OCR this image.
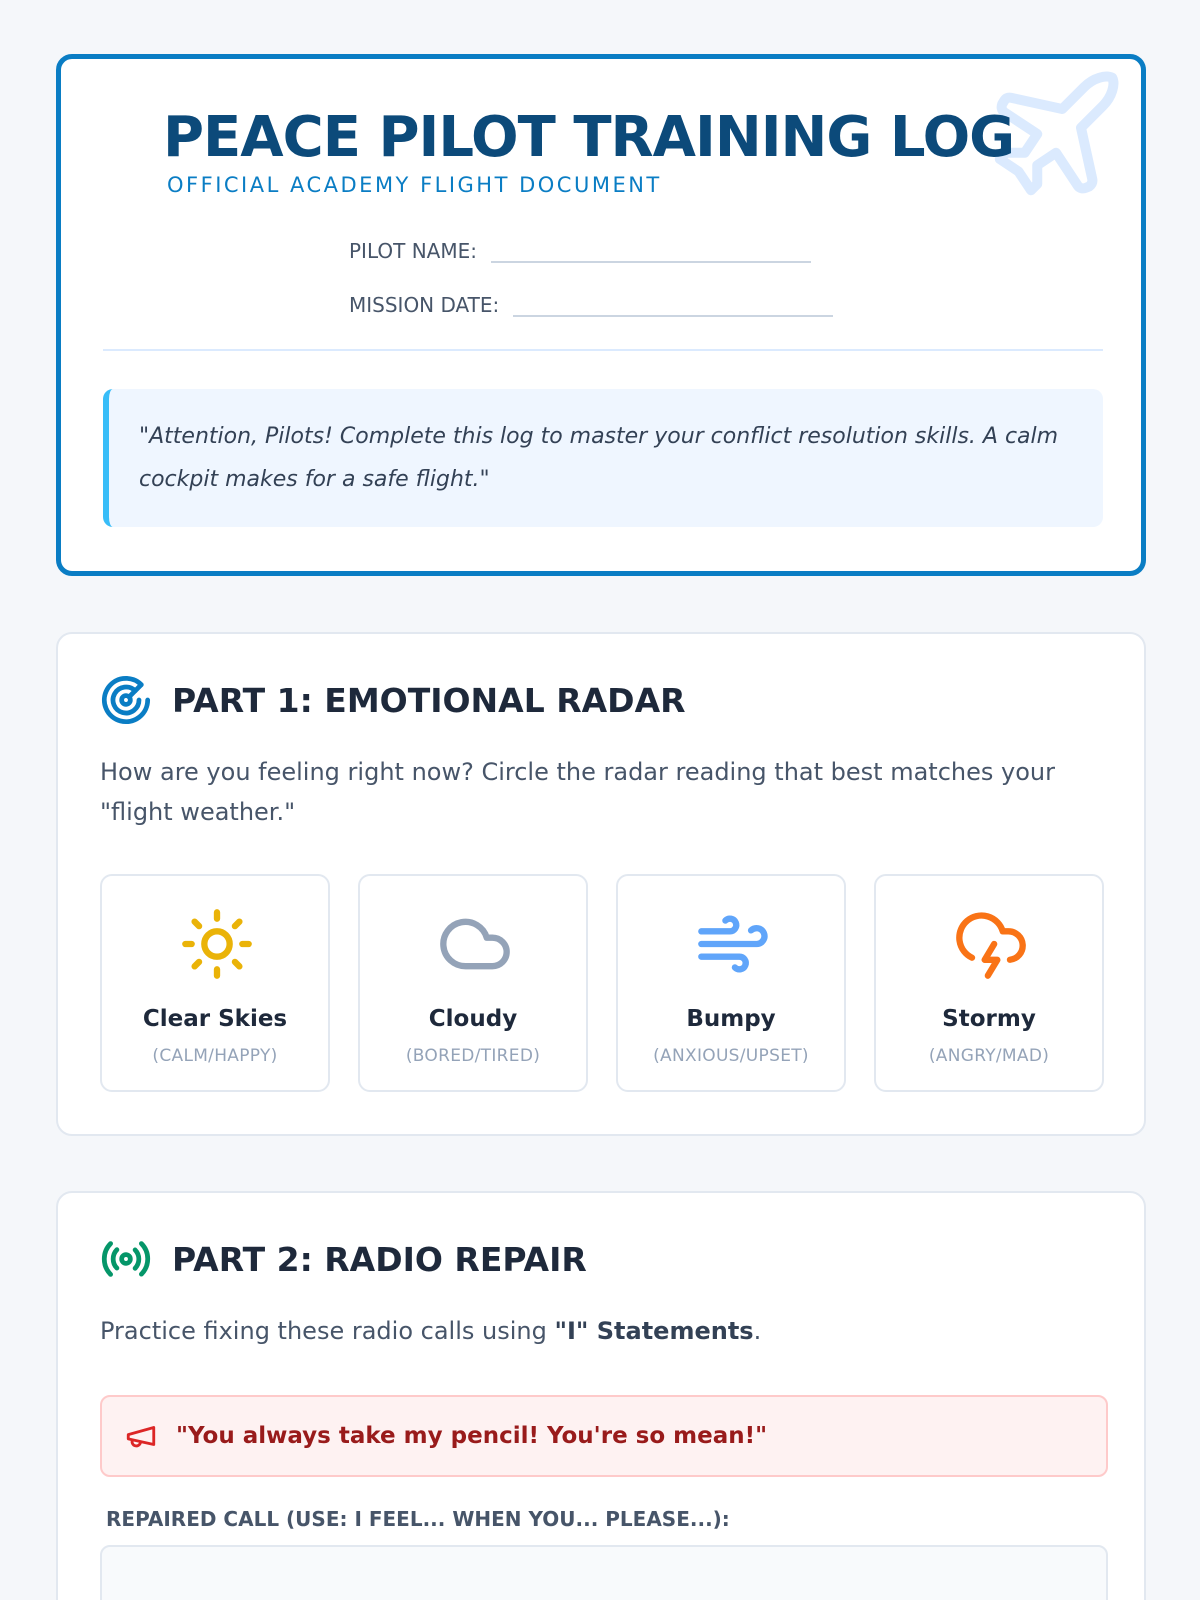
PEACE PILOT TRAINING LOG
OFFICIAL ACADEMY FLIGHT DOCUMENT
PILOT NAME:
MISSION DATE:
"Attention, Pilots! Complete this log to master your conflict resolution skills. A calm cockpit makes for a safe flight."
PART 1: EMOTIONAL RADAR

How are you feeling right now? Circle the radar reading that best matches your "flight weather."

Clear Skies
(CALM/HAPPY)
Cloudy
(BORED/TIRED)
Bumpy
(ANXIOUS/UPSET)
Stormy
(ANGRY/MAD)
PART 2: RADIO REPAIR

Practice fixing these radio calls using "I" Statements.

"You always take my pencil! You're so mean!"
REPAIRED CALL (USE: I FEEL... WHEN YOU... PLEASE...):
